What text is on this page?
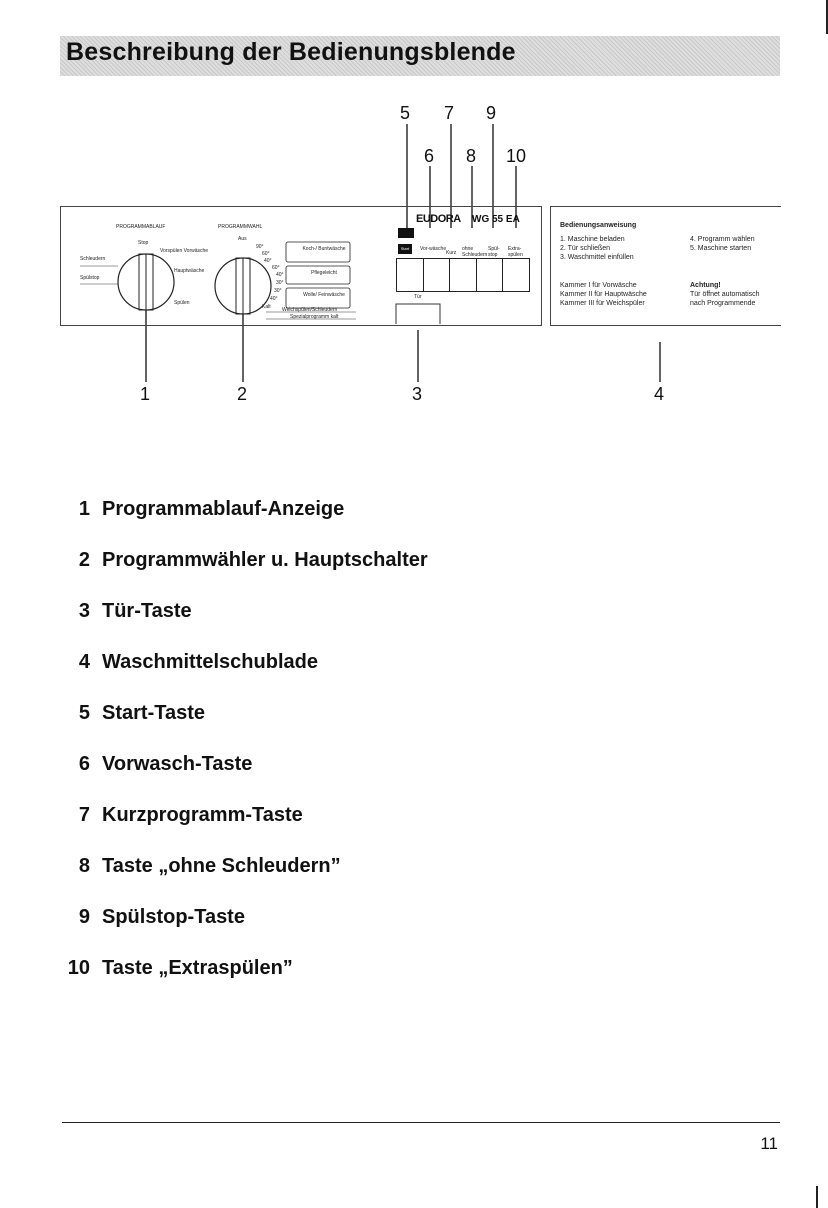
Beschreibung der Bedienungsblende
5 7 9
6 8 10
PROGRAMMABLAUF	PROGRAMMWAHL
Stop
Vorspülen Vorwäsche
Schleudern
Hauptwäsche
Spülstop
Spülen
Aus
90°
60°
40°
60°
40°
30°
30°
40°
Kalt
Koch-/ Buntwäsche
Pflegeleicht
Wolle/ Feinwäsche
Weichspülen/Schleudern
Spezialprogramm kalt
EUDORA WG 55 EA
Start	Vor-wäsche
Kurz
ohne Schleudern
Spül-stop
Extra-spülen
Tür
Bedienungsanweisung
1. Maschine beladen
2. Tür schließen
3. Waschmittel einfüllen
4. Programm wählen
5. Maschine starten
Kammer I für Vorwäsche
Kammer II für Hauptwäsche
Kammer III für Weichspüler
Achtung!
Tür öffnet automatisch
nach Programmende
1	2	3	4
1 Programmablauf-Anzeige
2 Programmwähler u. Hauptschalter
3 Tür-Taste
4 Waschmittelschublade
5 Start-Taste
6 Vorwasch-Taste
7 Kurzprogramm-Taste
8 Taste „ohne Schleudern”
9 Spülstop-Taste
10 Taste „Extraspülen”
11
